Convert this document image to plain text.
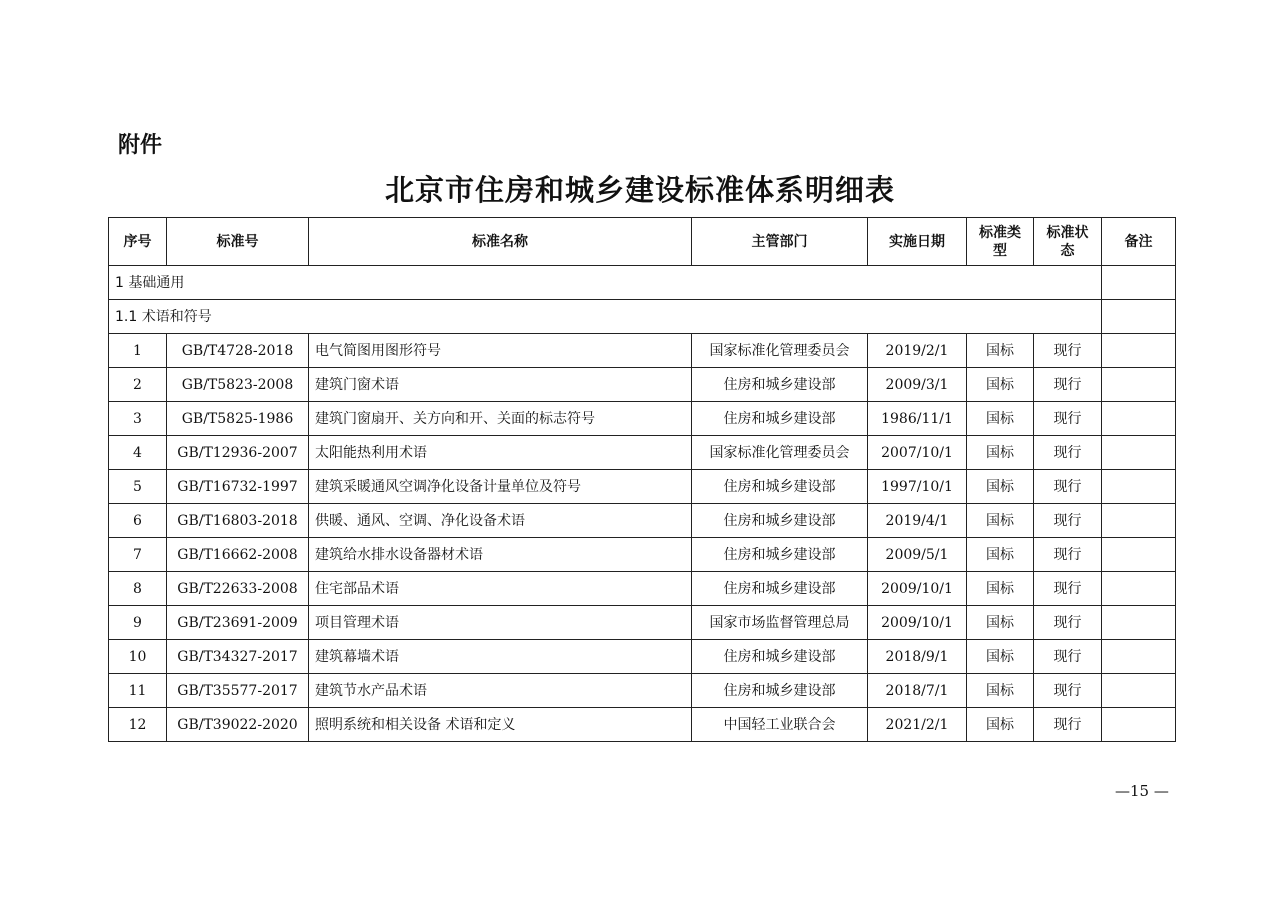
附件
北京市住房和城乡建设标准体系明细表
序号	标准号	标准名称	主管部门	实施日期	标准类型	标准状态	备注
1 基础通用							
1.1 术语和符号							
1	GB/T4728-2018	电气简图用图形符号	国家标准化管理委员会	2019/2/1	国标	现行	
2	GB/T5823-2008	建筑门窗术语	住房和城乡建设部	2009/3/1	国标	现行	
3	GB/T5825-1986	建筑门窗扇开、关方向和开、关面的标志符号	住房和城乡建设部	1986/11/1	国标	现行	
4	GB/T12936-2007	太阳能热利用术语	国家标准化管理委员会	2007/10/1	国标	现行	
5	GB/T16732-1997	建筑采暖通风空调净化设备计量单位及符号	住房和城乡建设部	1997/10/1	国标	现行	
6	GB/T16803-2018	供暖、通风、空调、净化设备术语	住房和城乡建设部	2019/4/1	国标	现行	
7	GB/T16662-2008	建筑给水排水设备器材术语	住房和城乡建设部	2009/5/1	国标	现行	
8	GB/T22633-2008	住宅部品术语	住房和城乡建设部	2009/10/1	国标	现行	
9	GB/T23691-2009	项目管理术语	国家市场监督管理总局	2009/10/1	国标	现行	
10	GB/T34327-2017	建筑幕墙术语	住房和城乡建设部	2018/9/1	国标	现行	
11	GB/T35577-2017	建筑节水产品术语	住房和城乡建设部	2018/7/1	国标	现行	
12	GB/T39022-2020	照明系统和相关设备 术语和定义	中国轻工业联合会	2021/2/1	国标	现行	
—15 —
